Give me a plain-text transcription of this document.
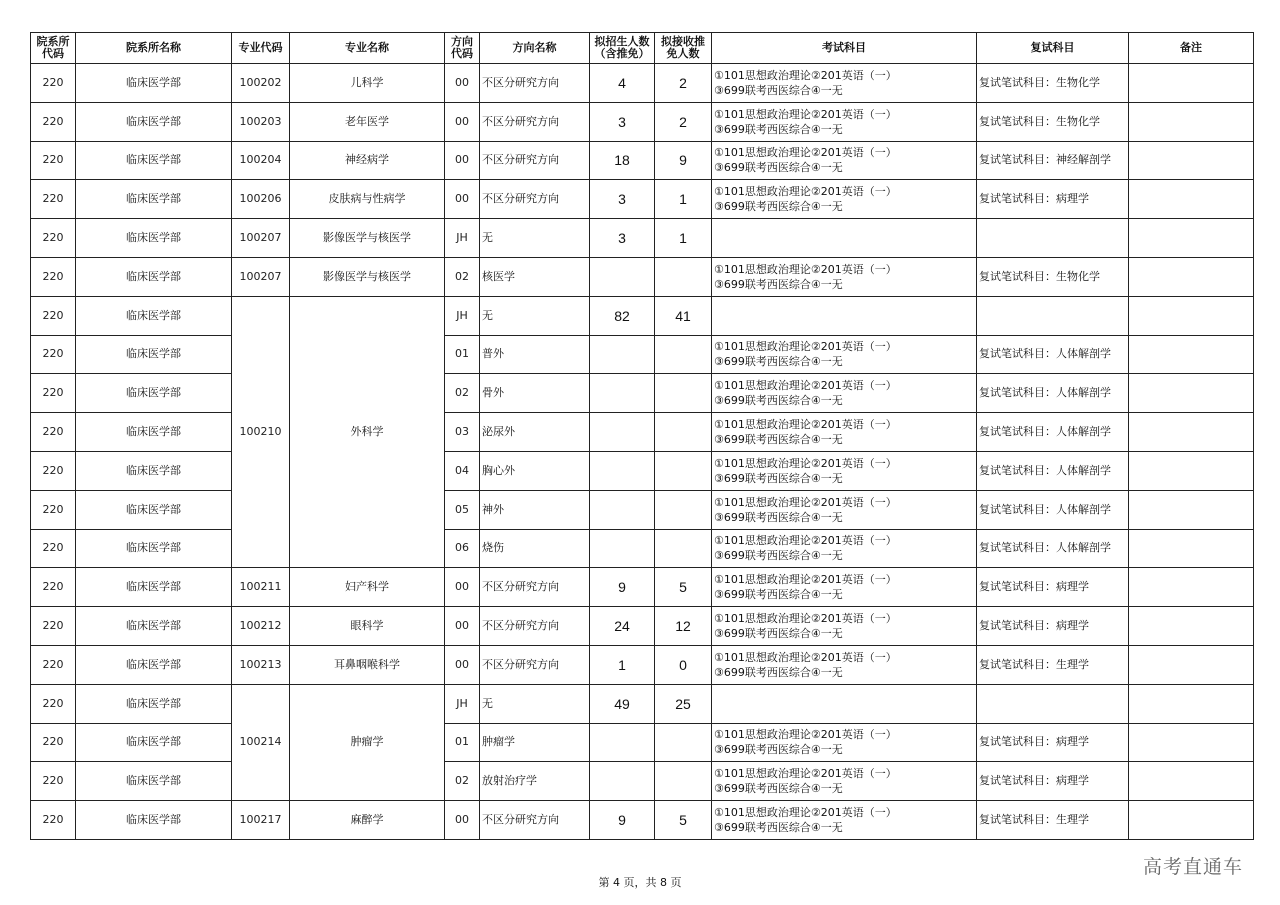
院系所代码	院系所名称	专业代码	专业名称	方向代码	方向名称	拟招生人数（含推免）	拟接收推免人数	考试科目	复试科目	备注
220	临床医学部	100202	儿科学	00	不区分研究方向	4	2	①101思想政治理论②201英语（一）
③699联考西医综合④一无	复试笔试科目：生物化学	
220	临床医学部	100203	老年医学	00	不区分研究方向	3	2	①101思想政治理论②201英语（一）
③699联考西医综合④一无	复试笔试科目：生物化学	
220	临床医学部	100204	神经病学	00	不区分研究方向	18	9	①101思想政治理论②201英语（一）
③699联考西医综合④一无	复试笔试科目：神经解剖学	
220	临床医学部	100206	皮肤病与性病学	00	不区分研究方向	3	1	①101思想政治理论②201英语（一）
③699联考西医综合④一无	复试笔试科目：病理学	
220	临床医学部	100207	影像医学与核医学	JH	无	3	1			
220	临床医学部	100207	影像医学与核医学	02	核医学			①101思想政治理论②201英语（一）
③699联考西医综合④一无	复试笔试科目：生物化学	
220	临床医学部	100210	外科学	JH	无	82	41			
220	临床医学部			01	普外			①101思想政治理论②201英语（一）
③699联考西医综合④一无	复试笔试科目：人体解剖学	
220	临床医学部			02	骨外			①101思想政治理论②201英语（一）
③699联考西医综合④一无	复试笔试科目：人体解剖学	
220	临床医学部			03	泌尿外			①101思想政治理论②201英语（一）
③699联考西医综合④一无	复试笔试科目：人体解剖学	
220	临床医学部			04	胸心外			①101思想政治理论②201英语（一）
③699联考西医综合④一无	复试笔试科目：人体解剖学	
220	临床医学部			05	神外			①101思想政治理论②201英语（一）
③699联考西医综合④一无	复试笔试科目：人体解剖学	
220	临床医学部			06	烧伤			①101思想政治理论②201英语（一）
③699联考西医综合④一无	复试笔试科目：人体解剖学	
220	临床医学部	100211	妇产科学	00	不区分研究方向	9	5	①101思想政治理论②201英语（一）
③699联考西医综合④一无	复试笔试科目：病理学	
220	临床医学部	100212	眼科学	00	不区分研究方向	24	12	①101思想政治理论②201英语（一）
③699联考西医综合④一无	复试笔试科目：病理学	
220	临床医学部	100213	耳鼻咽喉科学	00	不区分研究方向	1	0	①101思想政治理论②201英语（一）
③699联考西医综合④一无	复试笔试科目：生理学	
220	临床医学部	100214	肿瘤学	JH	无	49	25			
220	临床医学部			01	肿瘤学			①101思想政治理论②201英语（一）
③699联考西医综合④一无	复试笔试科目：病理学	
220	临床医学部			02	放射治疗学			①101思想政治理论②201英语（一）
③699联考西医综合④一无	复试笔试科目：病理学	
220	临床医学部	100217	麻醉学	00	不区分研究方向	9	5	①101思想政治理论②201英语（一）
③699联考西医综合④一无	复试笔试科目：生理学	
第 4 页，共 8 页
高考直通车
